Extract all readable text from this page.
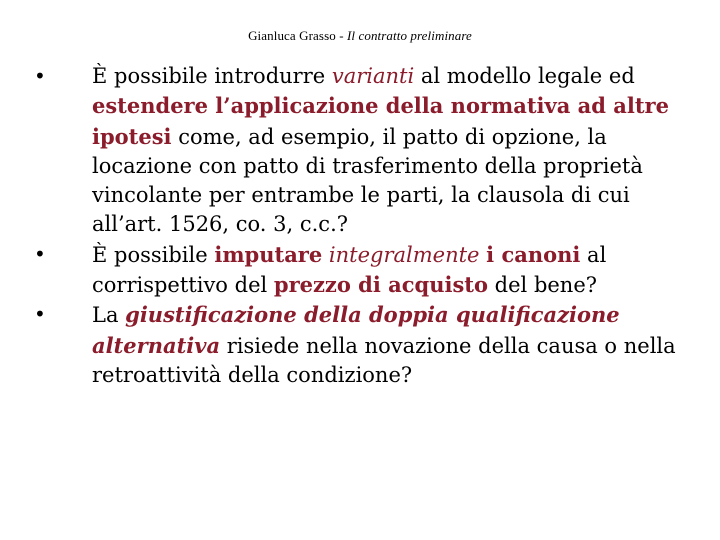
Gianluca Grasso - Il contratto preliminare
• È possibile introdurre varianti al modello legale ed estendere l’applicazione della normativa ad altre ipotesi come, ad esempio, il patto di opzione, la locazione con patto di trasferimento della proprietà vincolante per entrambe le parti, la clausola di cui all’art. 1526, co. 3, c.c.?
• È possibile imputare integralmente i canoni al corrispettivo del prezzo di acquisto del bene?
• La giustificazione della doppia qualificazione alternativa risiede nella novazione della causa o nella retroattività della condizione?
